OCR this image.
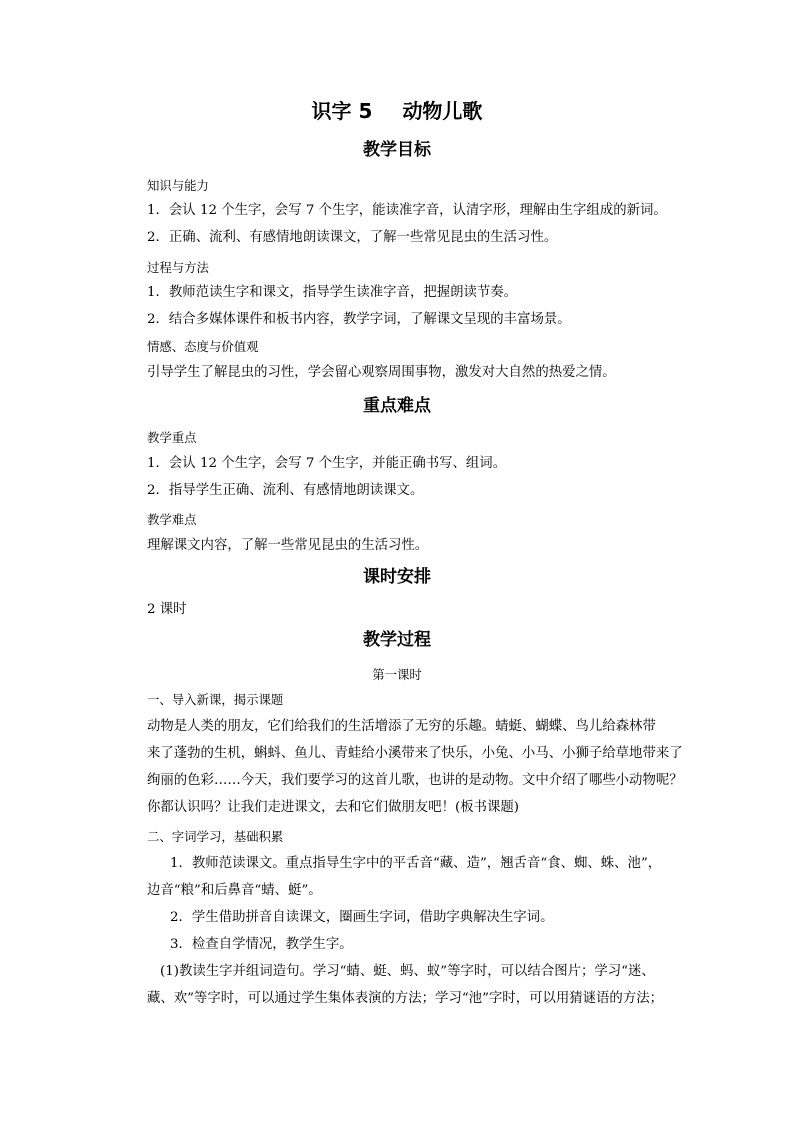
识字 5 动物儿歌
教学目标
知识与能力
1．会认 12 个生字，会写 7 个生字，能读准字音，认清字形，理解由生字组成的新词。
2．正确、流利、有感情地朗读课文，了解一些常见昆虫的生活习性。
过程与方法
1．教师范读生字和课文，指导学生读准字音，把握朗读节奏。
2．结合多媒体课件和板书内容，教学字词，了解课文呈现的丰富场景。
情感、态度与价值观
引导学生了解昆虫的习性，学会留心观察周围事物，激发对大自然的热爱之情。
重点难点
教学重点
1．会认 12 个生字，会写 7 个生字，并能正确书写、组词。
2．指导学生正确、流利、有感情地朗读课文。
教学难点
理解课文内容，了解一些常见昆虫的生活习性。
课时安排
2 课时
教学过程
第一课时
一、导入新课，揭示课题
动物是人类的朋友，它们给我们的生活增添了无穷的乐趣。蜻蜓、蝴蝶、鸟儿给森林带
来了蓬勃的生机，蝌蚪、鱼儿、青蛙给小溪带来了快乐，小兔、小马、小狮子给草地带来了
绚丽的色彩……今天，我们要学习的这首儿歌，也讲的是动物。文中介绍了哪些小动物呢？
你都认识吗？让我们走进课文，去和它们做朋友吧！(板书课题)
二、字词学习，基础积累
1．教师范读课文。重点指导生字中的平舌音“藏、造”，翘舌音“食、蜘、蛛、池”，
边音“粮”和后鼻音“蜻、蜓”。
2．学生借助拼音自读课文，圈画生字词，借助字典解决生字词。
3．检查自学情况，教学生字。
(1)教读生字并组词造句。学习“蜻、蜓、蚂、蚁”等字时，可以结合图片；学习“迷、
藏、欢”等字时，可以通过学生集体表演的方法；学习“池”字时，可以用猜谜语的方法；
